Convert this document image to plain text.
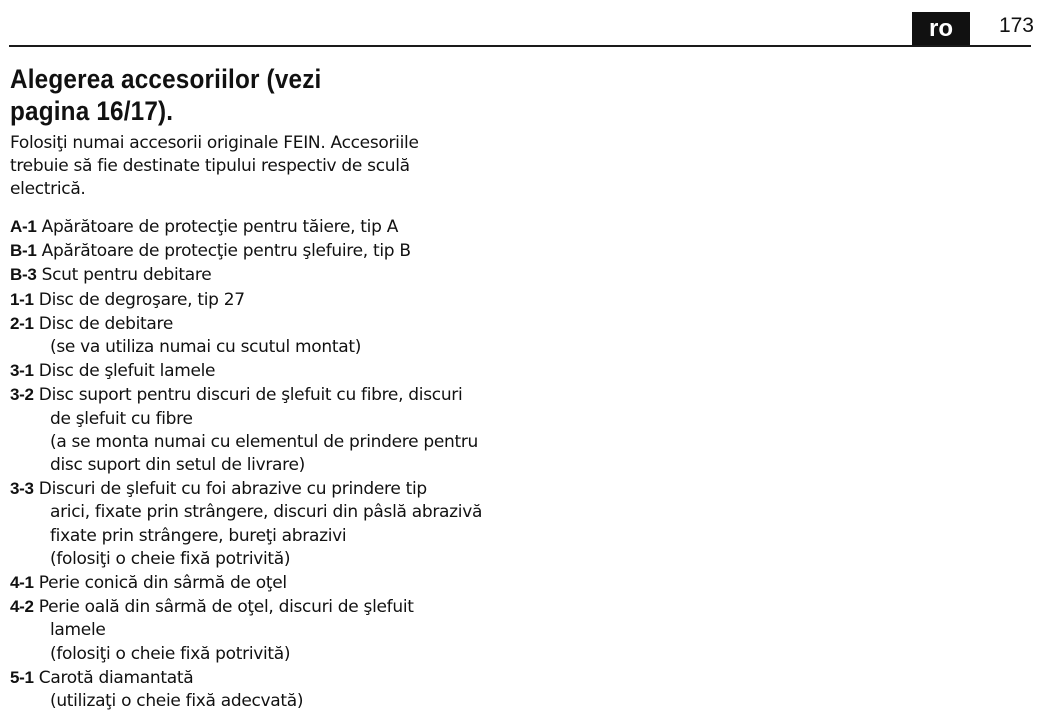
ro	173
Alegerea accesoriilor (vezi pagina 16/17).

Folosiţi numai accesorii originale FEIN. Accesoriile trebuie să fie destinate tipului respectiv de sculă electrică.

A-1 Apărătoare de protecţie pentru tăiere, tip A
B-1 Apărătoare de protecţie pentru şlefuire, tip B
B-3 Scut pentru debitare
1-1 Disc de degroşare, tip 27
2-1 Disc de debitare
(se va utiliza numai cu scutul montat)
3-1 Disc de şlefuit lamele
3-2 Disc suport pentru discuri de şlefuit cu fibre, discuri
de şlefuit cu fibre
(a se monta numai cu elementul de prindere pentru
disc suport din setul de livrare)
3-3 Discuri de şlefuit cu foi abrazive cu prindere tip
arici, fixate prin strângere, discuri din pâslă abrazivă
fixate prin strângere, bureţi abrazivi
(folosiţi o cheie fixă potrivită)
4-1 Perie conică din sârmă de oţel
4-2 Perie oală din sârmă de oţel, discuri de şlefuit
lamele
(folosiţi o cheie fixă potrivită)
5-1 Carotă diamantată
(utilizaţi o cheie fixă adecvată)
